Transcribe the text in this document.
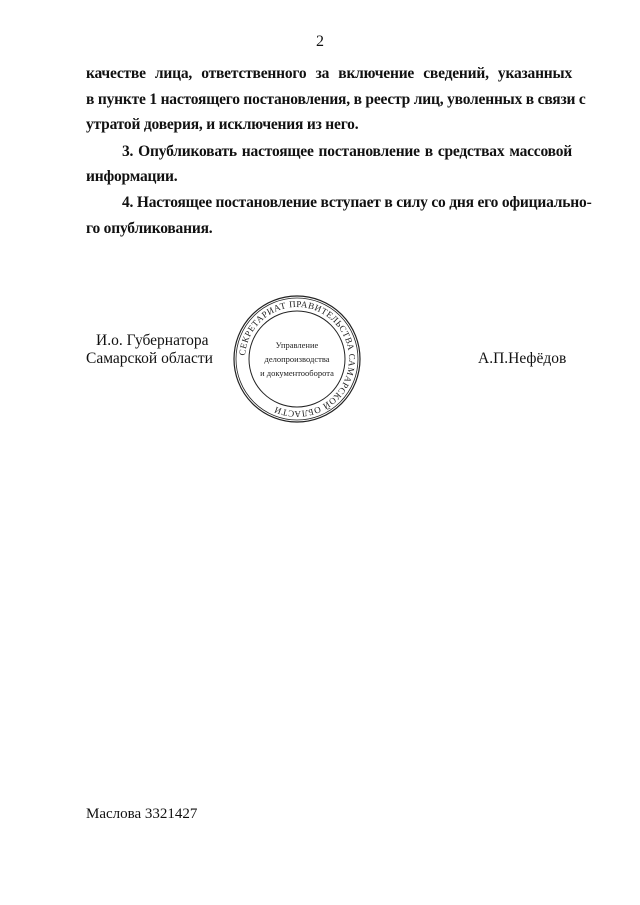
2
качестве лица, ответственного за включение сведений, указанных
в пункте 1 настоящего постановления, в реестр лиц, уволенных в связи с
утратой доверия, и исключения из него.
3. Опубликовать настоящее постановление в средствах массовой
информации.
4. Настоящее постановление вступает в силу со дня его официально-
го опубликования.
И.о. Губернатора
Самарской области	А.П.Нефёдов
СЕКРЕТАРИАТ ПРАВИТЕЛЬСТВА САМАРСКОЙ ОБЛАСТИ
Управление
делопроизводства
и документооборота
Маслова 3321427
